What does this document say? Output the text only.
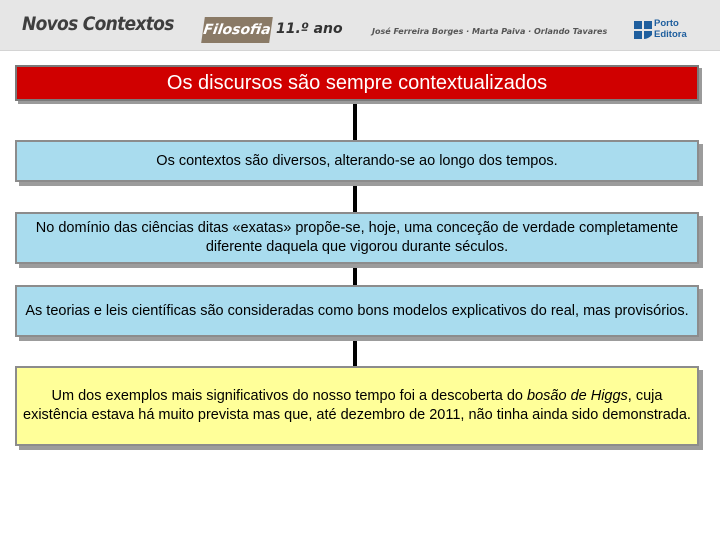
Novos Contextos Filosofia 11.º ano	José Ferreira Borges · Marta Paiva · Orlando Tavares
Porto
Editora
Os discursos são sempre contextualizados

Os contextos são diversos, alterando-se ao longo dos tempos.

No domínio das ciências ditas «exatas» propõe-se, hoje, uma conceção de verdade completamente diferente daquela que vigorou durante séculos.

As teorias e leis científicas são consideradas como bons modelos explicativos do real, mas provisórios.

Um dos exemplos mais significativos do nosso tempo foi a descoberta do bosão de Higgs, cuja existência estava há muito prevista mas que, até dezembro de 2011, não tinha ainda sido demonstrada.
